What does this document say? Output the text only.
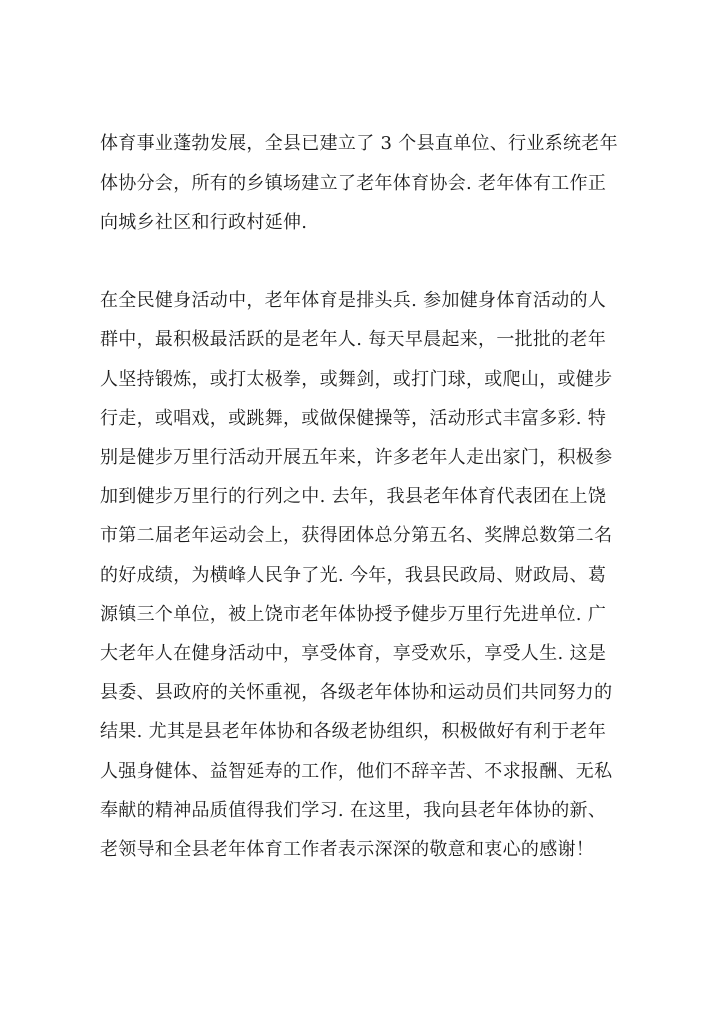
体育事业蓬勃发展，全县已建立了 3 个县直单位、行业系统老年

体协分会，所有的乡镇场建立了老年体育协会. 老年体有工作正

向城乡社区和行政村延伸.

在全民健身活动中，老年体育是排头兵. 参加健身体育活动的人

群中，最积极最活跃的是老年人. 每天早晨起来，一批批的老年

人坚持锻炼，或打太极拳，或舞剑，或打门球，或爬山，或健步

行走，或唱戏，或跳舞，或做保健操等，活动形式丰富多彩. 特

别是健步万里行活动开展五年来，许多老年人走出家门，积极参

加到健步万里行的行列之中. 去年，我县老年体育代表团在上饶

市第二届老年运动会上，获得团体总分第五名、奖牌总数第二名

的好成绩，为横峰人民争了光. 今年，我县民政局、财政局、葛

源镇三个单位，被上饶市老年体协授予健步万里行先进单位. 广

大老年人在健身活动中，享受体育，享受欢乐，享受人生. 这是

县委、县政府的关怀重视，各级老年体协和运动员们共同努力的

结果. 尤其是县老年体协和各级老协组织，积极做好有利于老年

人强身健体、益智延寿的工作，他们不辞辛苦、不求报酬、无私

奉献的精神品质值得我们学习. 在这里，我向县老年体协的新、

老领导和全县老年体育工作者表示深深的敬意和衷心的感谢！
